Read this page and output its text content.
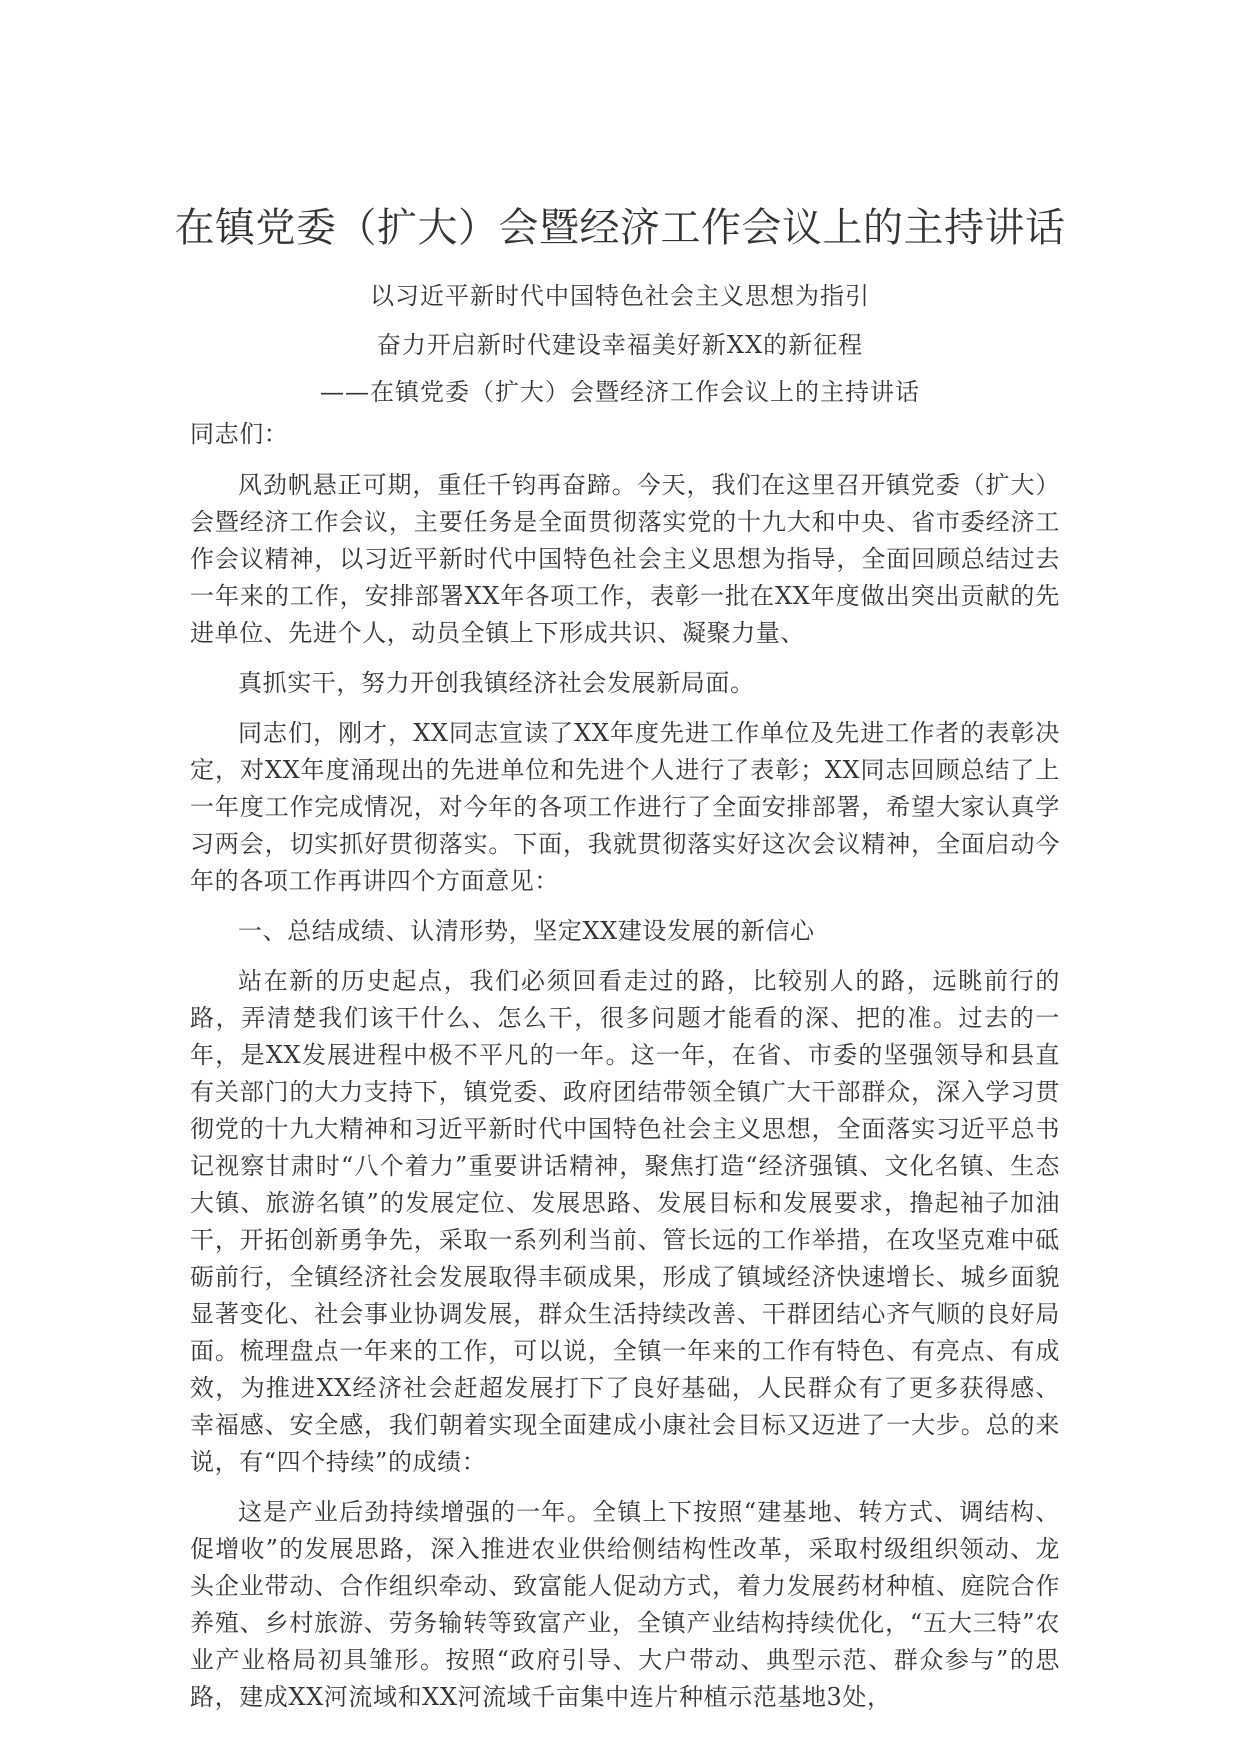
在镇党委（扩大）会暨经济工作会议上的主持讲话

以习近平新时代中国特色社会主义思想为指引

奋力开启新时代建设幸福美好新XX的新征程

——在镇党委（扩大）会暨经济工作会议上的主持讲话

同志们：

风劲帆悬正可期，重任千钧再奋蹄。今天，我们在这里召开镇党委（扩大）会暨经济工作会议，主要任务是全面贯彻落实党的十九大和中央、省市委经济工作会议精神，以习近平新时代中国特色社会主义思想为指导，全面回顾总结过去一年来的工作，安排部署XX年各项工作，表彰一批在XX年度做出突出贡献的先进单位、先进个人，动员全镇上下形成共识、凝聚力量、

真抓实干，努力开创我镇经济社会发展新局面。

同志们，刚才，XX同志宣读了XX年度先进工作单位及先进工作者的表彰决定，对XX年度涌现出的先进单位和先进个人进行了表彰；XX同志回顾总结了上一年度工作完成情况，对今年的各项工作进行了全面安排部署，希望大家认真学习两会，切实抓好贯彻落实。下面，我就贯彻落实好这次会议精神，全面启动今年的各项工作再讲四个方面意见：

一、总结成绩、认清形势，坚定XX建设发展的新信心

站在新的历史起点，我们必须回看走过的路，比较别人的路，远眺前行的路，弄清楚我们该干什么、怎么干，很多问题才能看的深、把的准。过去的一年，是XX发展进程中极不平凡的一年。这一年，在省、市委的坚强领导和县直有关部门的大力支持下，镇党委、政府团结带领全镇广大干部群众，深入学习贯彻党的十九大精神和习近平新时代中国特色社会主义思想，全面落实习近平总书记视察甘肃时“八个着力”重要讲话精神，聚焦打造“经济强镇、文化名镇、生态大镇、旅游名镇”的发展定位、发展思路、发展目标和发展要求，撸起袖子加油干，开拓创新勇争先，采取一系列利当前、管长远的工作举措，在攻坚克难中砥砺前行，全镇经济社会发展取得丰硕成果，形成了镇域经济快速增长、城乡面貌显著变化、社会事业协调发展，群众生活持续改善、干群团结心齐气顺的良好局面。梳理盘点一年来的工作，可以说，全镇一年来的工作有特色、有亮点、有成效，为推进XX经济社会赶超发展打下了良好基础，人民群众有了更多获得感、幸福感、安全感，我们朝着实现全面建成小康社会目标又迈进了一大步。总的来说，有“四个持续”的成绩：

这是产业后劲持续增强的一年。全镇上下按照“建基地、转方式、调结构、促增收”的发展思路，深入推进农业供给侧结构性改革，采取村级组织领动、龙头企业带动、合作组织牵动、致富能人促动方式，着力发展药材种植、庭院合作养殖、乡村旅游、劳务输转等致富产业，全镇产业结构持续优化，“五大三特”农业产业格局初具雏形。按照“政府引导、大户带动、典型示范、群众参与”的思路，建成XX河流域和XX河流域千亩集中连片种植示范基地3处，
